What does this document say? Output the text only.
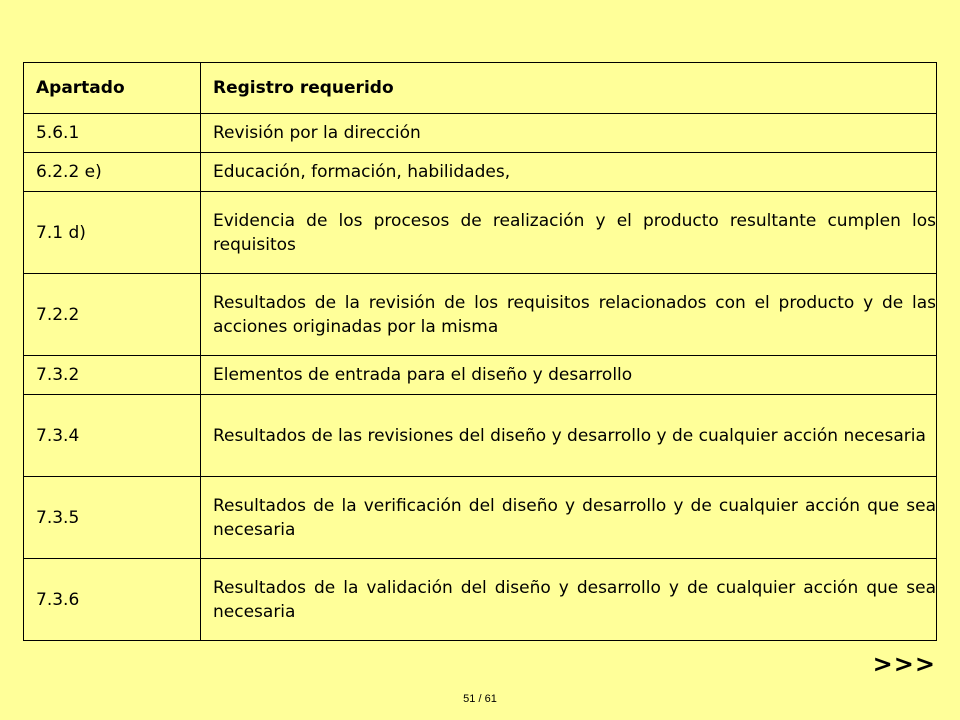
Apartado	Registro requerido
5.6.1	Revisión por la dirección
6.2.2 e)	Educación, formación, habilidades,
7.1 d)	Evidencia de los procesos de realización y el producto resultante cumplen los requisitos
7.2.2	Resultados de la revisión de los requisitos relacionados con el producto y de las acciones originadas por la misma
7.3.2	Elementos de entrada para el diseño y desarrollo
7.3.4	Resultados de las revisiones del diseño y desarrollo y de cualquier acción necesaria
7.3.5	Resultados de la verificación del diseño y desarrollo y de cualquier acción que sea necesaria
7.3.6	Resultados de la validación del diseño y desarrollo y de cualquier acción que sea necesaria
>>>
51 / 61
